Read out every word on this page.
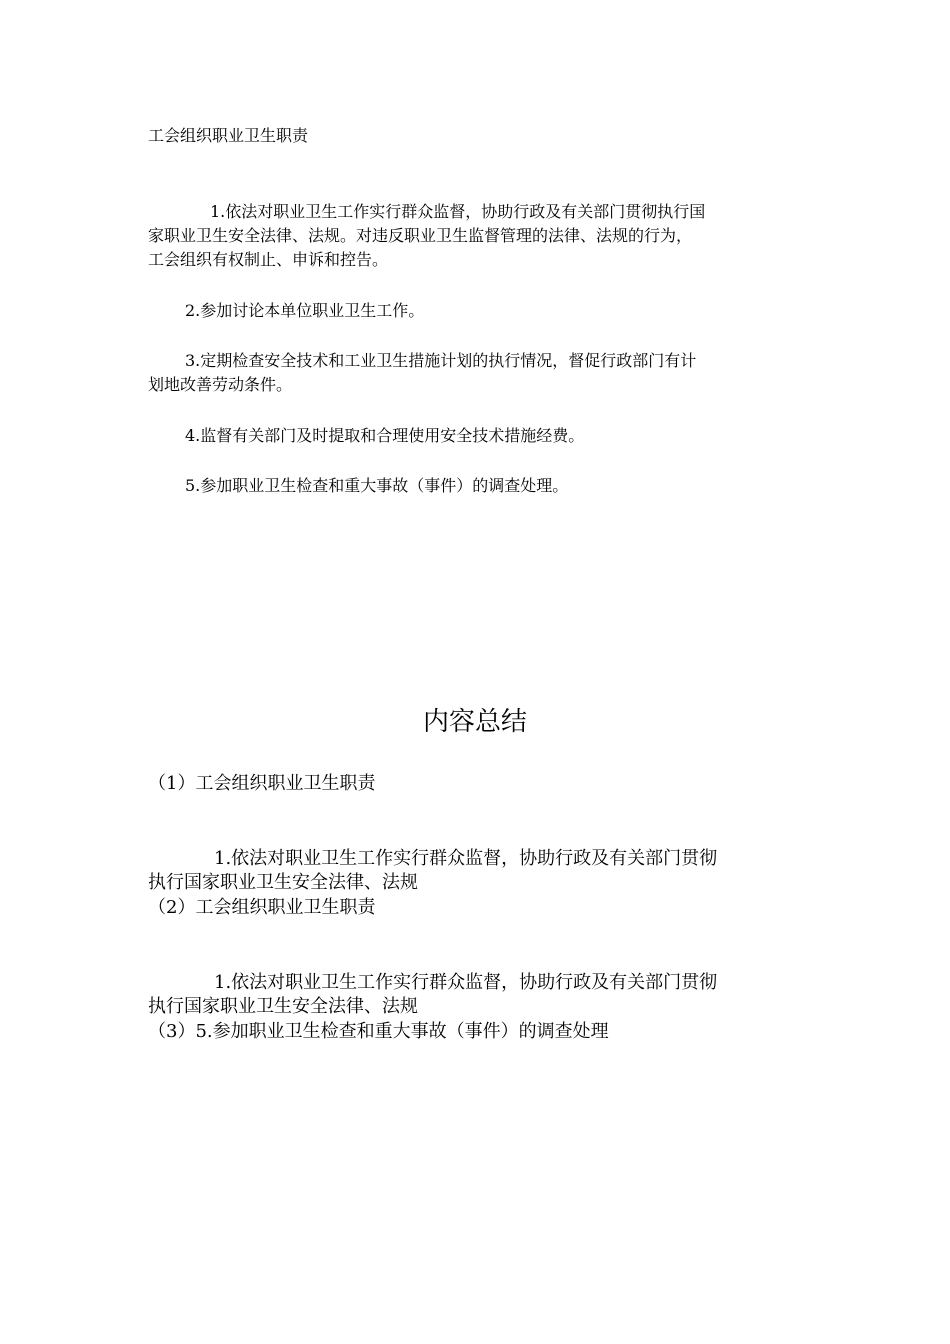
工会组织职业卫生职责

1.依法对职业卫生工作实行群众监督，协助行政及有关部门贯彻执行国
家职业卫生安全法律、法规。对违反职业卫生监督管理的法律、法规的行为，
工会组织有权制止、申诉和控告。
2.参加讨论本单位职业卫生工作。
3.定期检查安全技术和工业卫生措施计划的执行情况，督促行政部门有计
划地改善劳动条件。
4.监督有关部门及时提取和合理使用安全技术措施经费。
5.参加职业卫生检查和重大事故（事件）的调查处理。
内容总结
（1）工会组织职业卫生职责
1.依法对职业卫生工作实行群众监督，协助行政及有关部门贯彻
执行国家职业卫生安全法律、法规
（2）工会组织职业卫生职责
1.依法对职业卫生工作实行群众监督，协助行政及有关部门贯彻
执行国家职业卫生安全法律、法规
（3）5.参加职业卫生检查和重大事故（事件）的调查处理
